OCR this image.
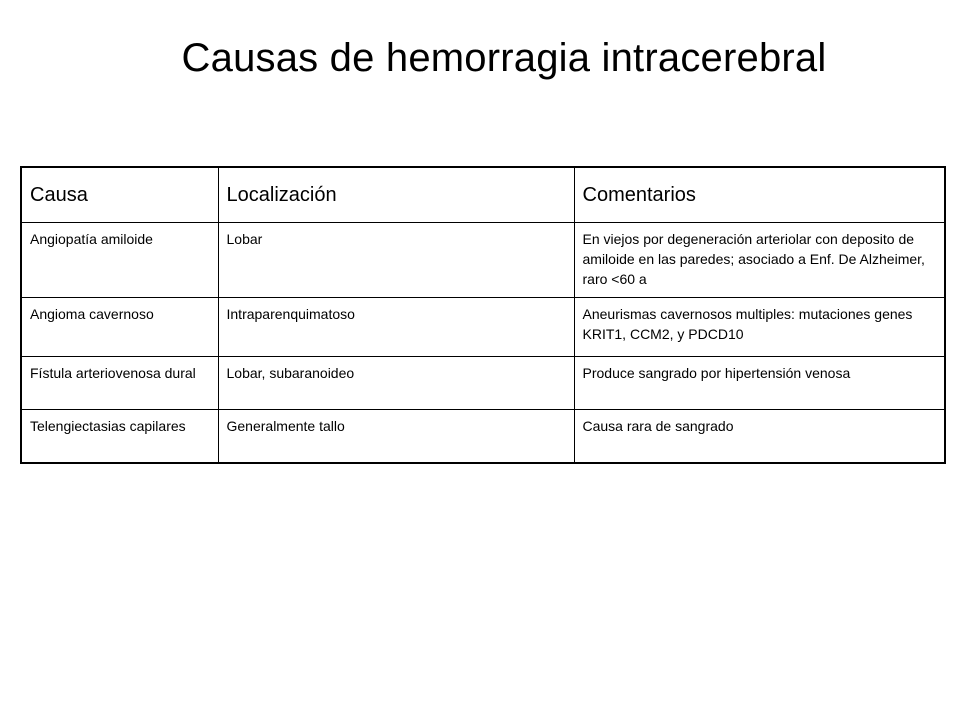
Causas de hemorragia intracerebral
Causa	Localización	Comentarios
Angiopatía amiloide	Lobar	En viejos por degeneración arteriolar con deposito de amiloide en las paredes; asociado a Enf. De Alzheimer, raro <60 a
Angioma cavernoso	Intraparenquimatoso	Aneurismas cavernosos multiples: mutaciones genes KRIT1, CCM2, y PDCD10
Fístula arteriovenosa dural	Lobar, subaranoideo	Produce sangrado por hipertensión venosa
Telengiectasias capilares	Generalmente tallo	Causa rara de sangrado
